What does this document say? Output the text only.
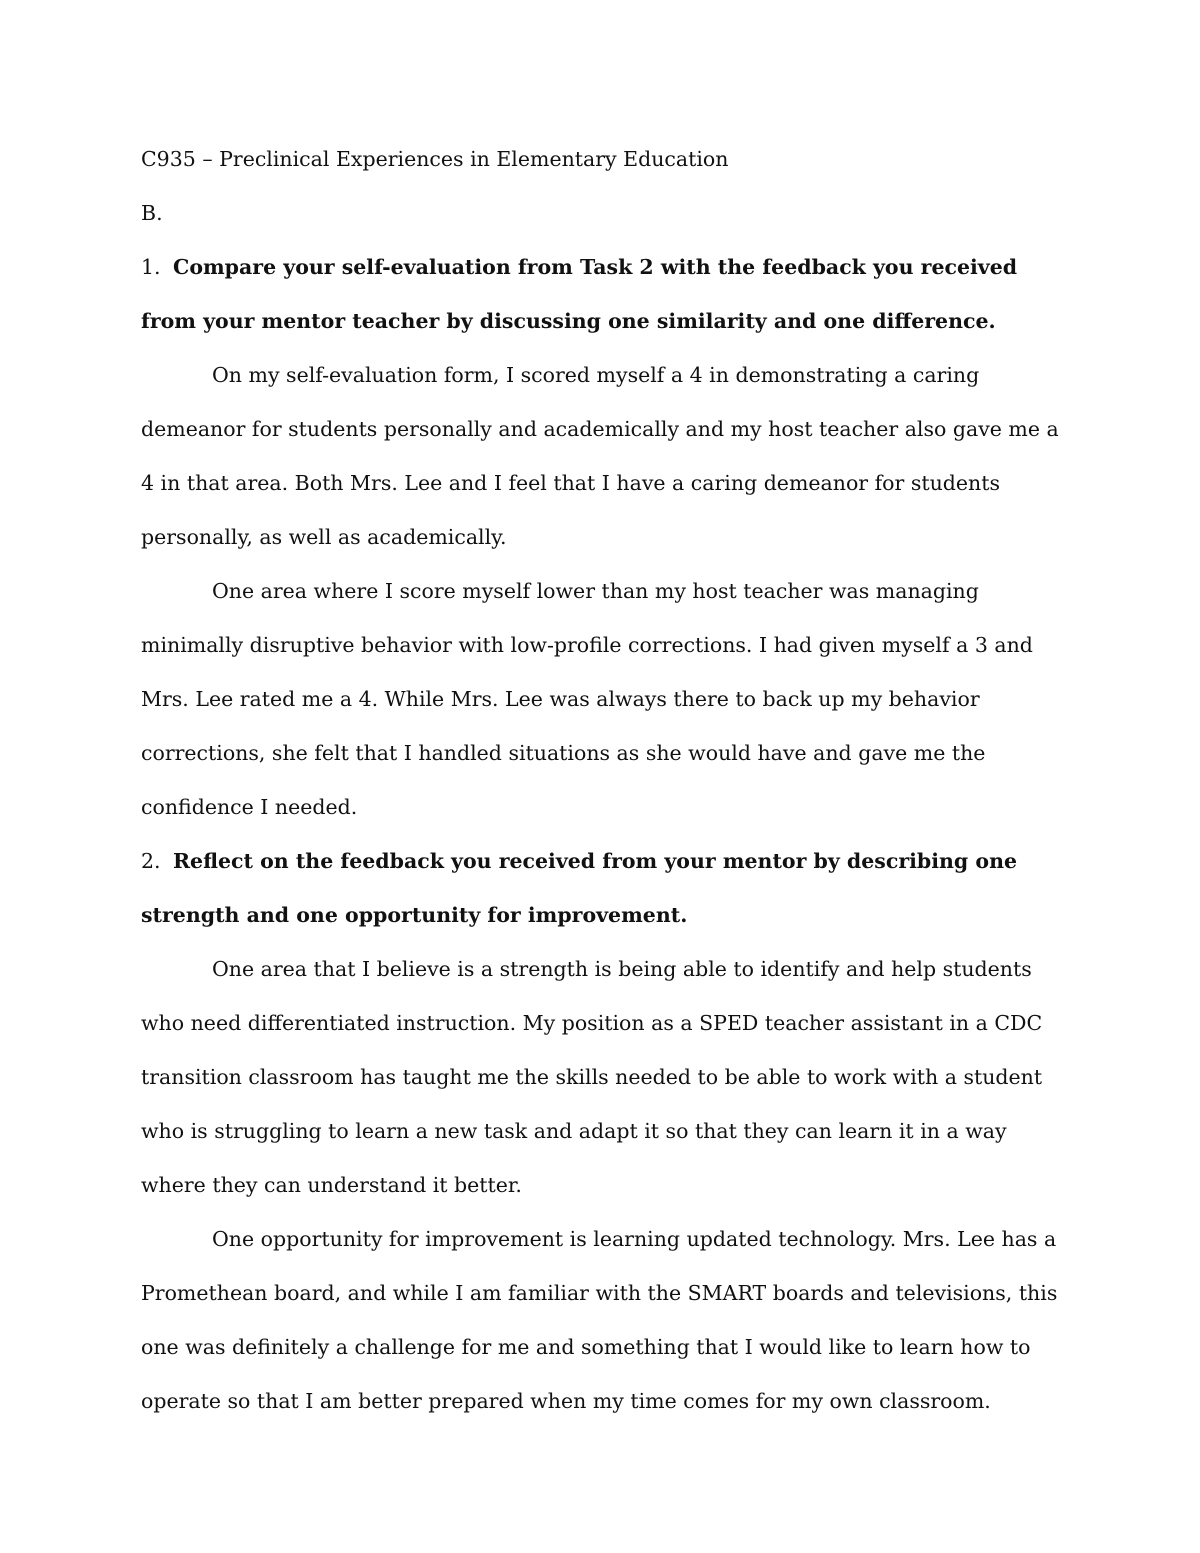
C935 – Preclinical Experiences in Elementary Education

B.

1. Compare your self-evaluation from Task 2 with the feedback you received from your mentor teacher by discussing one similarity and one difference.

On my self-evaluation form, I scored myself a 4 in demonstrating a caring demeanor for students personally and academically and my host teacher also gave me a 4 in that area. Both Mrs. Lee and I feel that I have a caring demeanor for students personally, as well as academically.

One area where I score myself lower than my host teacher was managing minimally disruptive behavior with low-profile corrections. I had given myself a 3 and Mrs. Lee rated me a 4. While Mrs. Lee was always there to back up my behavior corrections, she felt that I handled situations as she would have and gave me the confidence I needed.

2. Reflect on the feedback you received from your mentor by describing one strength and one opportunity for improvement.

One area that I believe is a strength is being able to identify and help students who need differentiated instruction. My position as a SPED teacher assistant in a CDC transition classroom has taught me the skills needed to be able to work with a student who is struggling to learn a new task and adapt it so that they can learn it in a way where they can understand it better.

One opportunity for improvement is learning updated technology. Mrs. Lee has a Promethean board, and while I am familiar with the SMART boards and televisions, this one was definitely a challenge for me and something that I would like to learn how to operate so that I am better prepared when my time comes for my own classroom.
